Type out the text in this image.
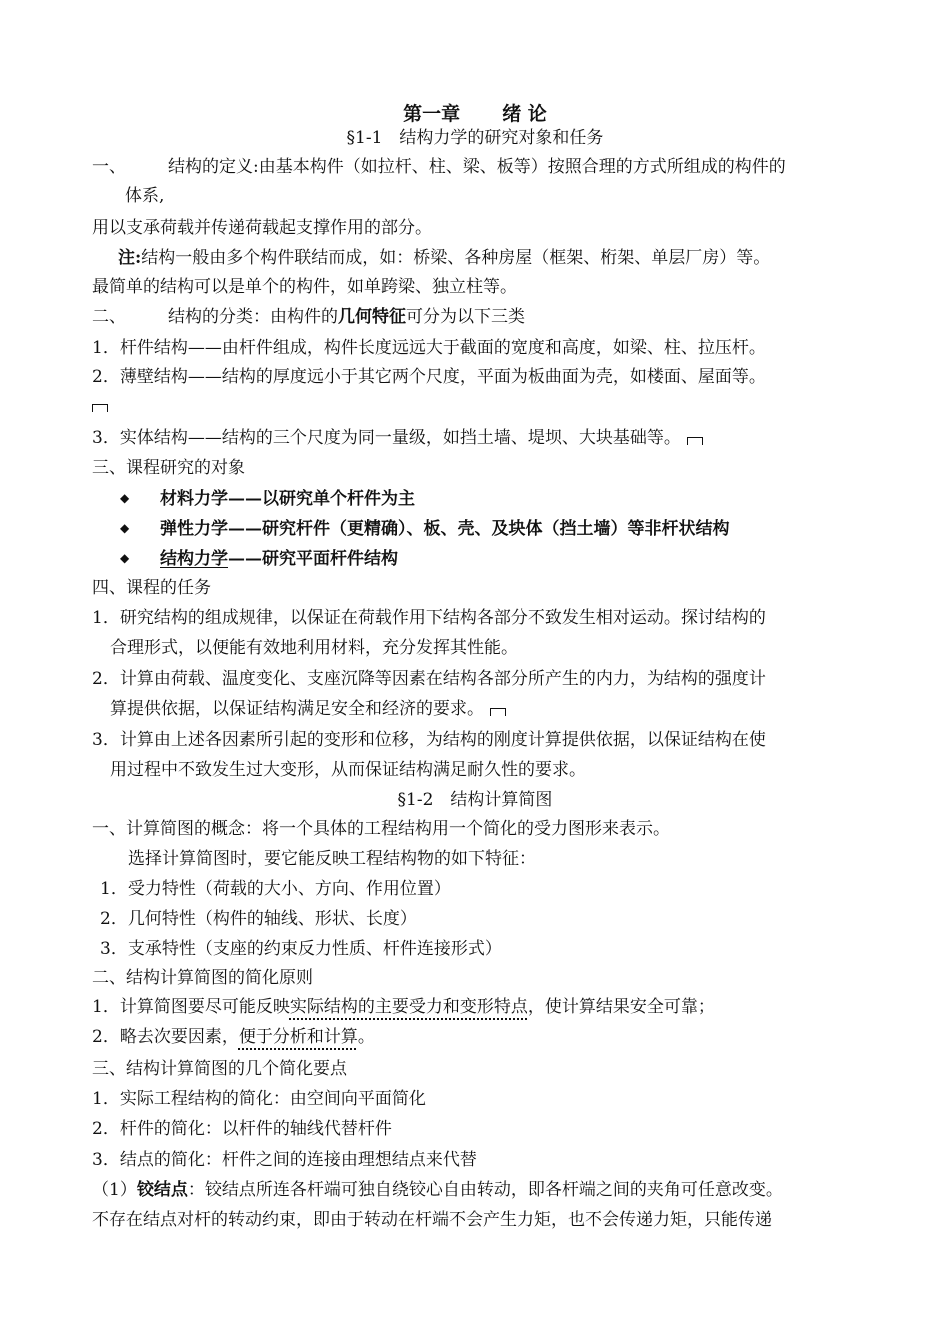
第一章 绪 论
§1-1　结构力学的研究对象和任务
一、 结构的定义:由基本构件（如拉杆、柱、梁、板等）按照合理的方式所组成的构件的
体系,
用以支承荷载并传递荷载起支撑作用的部分。
注:结构一般由多个构件联结而成，如：桥梁、各种房屋（框架、桁架、单层厂房）等。
最简单的结构可以是单个的构件，如单跨梁、独立柱等。
二、 结构的分类：由构件的几何特征可分为以下三类
1．杆件结构——由杆件组成，构件长度远远大于截面的宽度和高度，如梁、柱、拉压杆。
2．薄壁结构——结构的厚度远小于其它两个尺度，平面为板曲面为壳，如楼面、屋面等。
3．实体结构——结构的三个尺度为同一量级，如挡土墙、堤坝、大块基础等。
三、课程研究的对象
◆ 材料力学——以研究单个杆件为主
◆ 弹性力学——研究杆件（更精确）、板、壳、及块体（挡土墙）等非杆状结构
◆ 结构力学——研究平面杆件结构
四、课程的任务
1．研究结构的组成规律，以保证在荷载作用下结构各部分不致发生相对运动。探讨结构的
合理形式，以便能有效地利用材料，充分发挥其性能。
2．计算由荷载、温度变化、支座沉降等因素在结构各部分所产生的内力，为结构的强度计
算提供依据，以保证结构满足安全和经济的要求。
3．计算由上述各因素所引起的变形和位移，为结构的刚度计算提供依据，以保证结构在使
用过程中不致发生过大变形，从而保证结构满足耐久性的要求。
§1-2　结构计算简图
一、计算简图的概念：将一个具体的工程结构用一个简化的受力图形来表示。
选择计算简图时，要它能反映工程结构物的如下特征：
1．受力特性（荷载的大小、方向、作用位置）
2．几何特性（构件的轴线、形状、长度）
3．支承特性（支座的约束反力性质、杆件连接形式）
二、结构计算简图的简化原则
1．计算简图要尽可能反映实际结构的主要受力和变形特点，使计算结果安全可靠；
2．略去次要因素，便于分析和计算。
三、结构计算简图的几个简化要点
1．实际工程结构的简化：由空间向平面简化
2．杆件的简化：以杆件的轴线代替杆件
3．结点的简化：杆件之间的连接由理想结点来代替
（1）铰结点：铰结点所连各杆端可独自绕铰心自由转动，即各杆端之间的夹角可任意改变。
不存在结点对杆的转动约束，即由于转动在杆端不会产生力矩，也不会传递力矩，只能传递
